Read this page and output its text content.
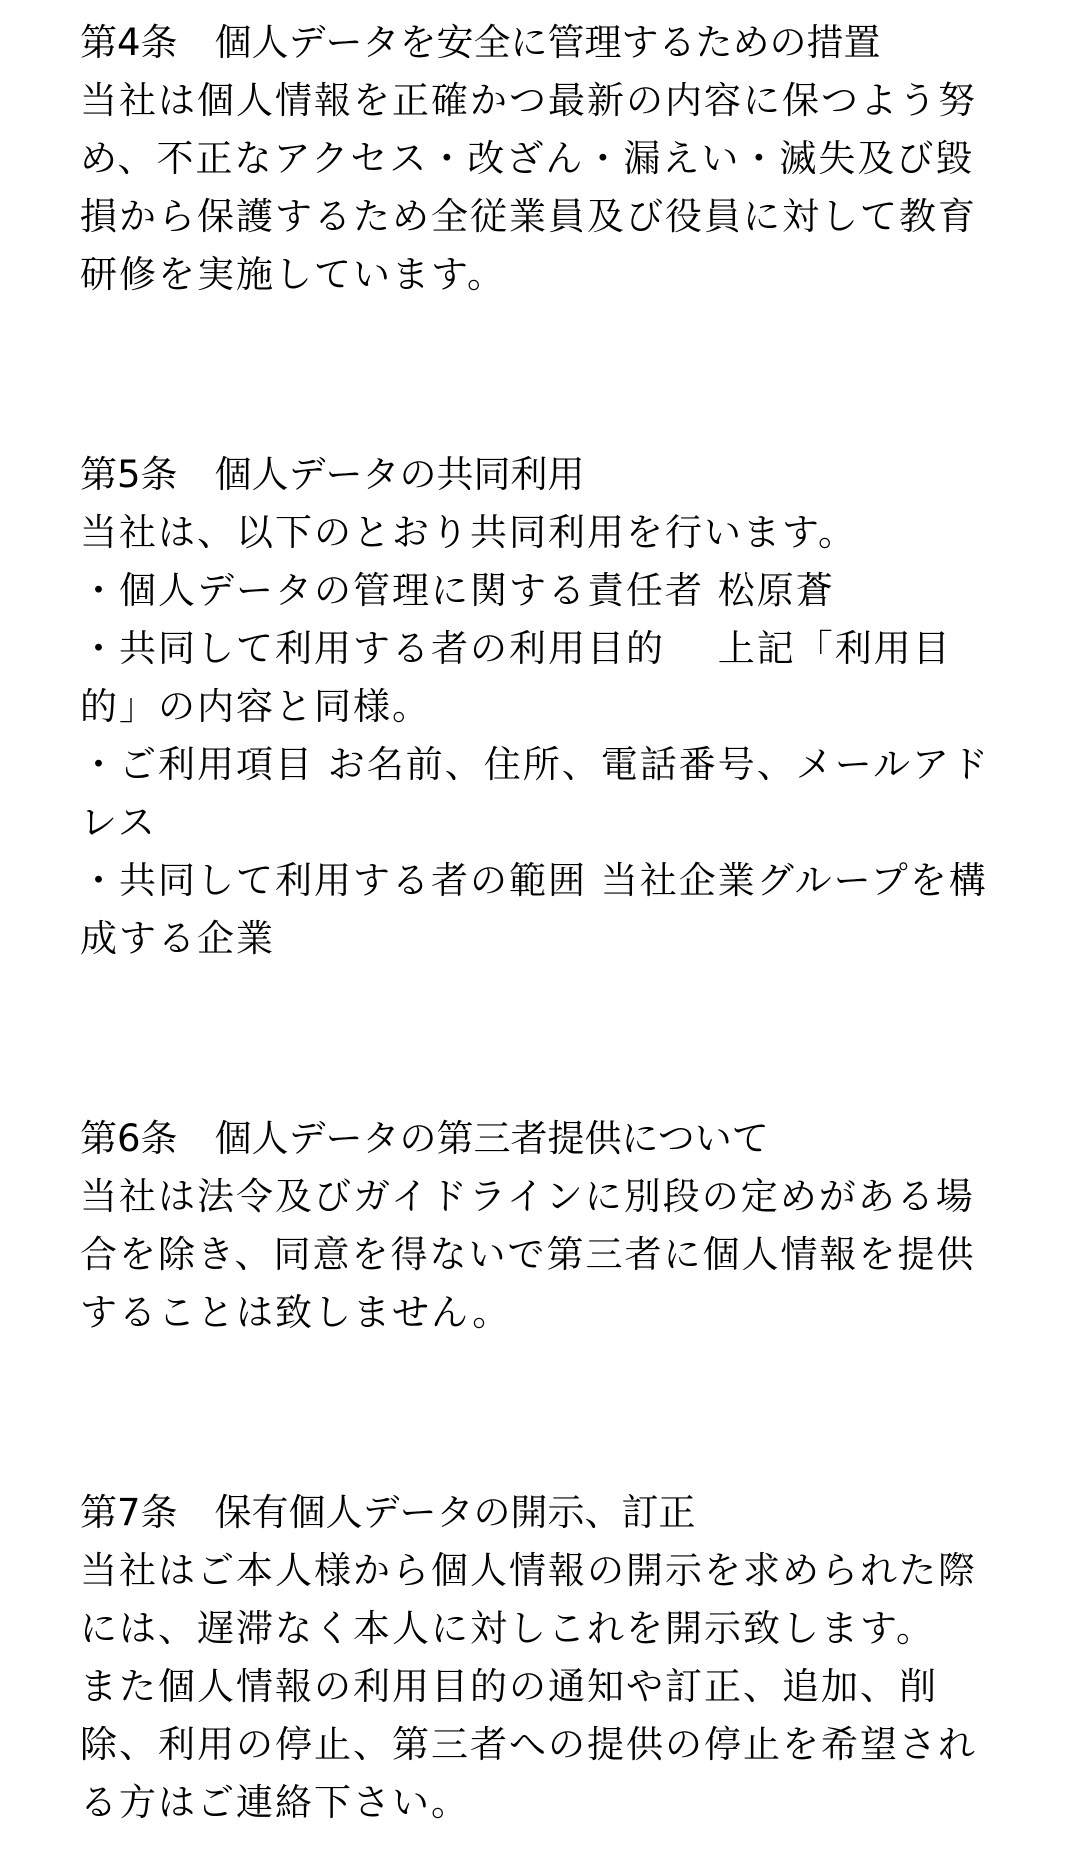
第4条　個人データを安全に管理するための措置

当社は個人情報を正確かつ最新の内容に保つよう努め、不正なアクセス・改ざん・漏えい・滅失及び毀損から保護するため全従業員及び役員に対して教育研修を実施しています。

第5条　個人データの共同利用

当社は、以下のとおり共同利用を行います。

・個人データの管理に関する責任者 松原蒼

・共同して利用する者の利用目的　 上記「利用目的」の内容と同様。

・ご利用項目 お名前、住所、電話番号、メールアドレス

・共同して利用する者の範囲 当社企業グループを構成する企業

第6条　個人データの第三者提供について

当社は法令及びガイドラインに別段の定めがある場合を除き、同意を得ないで第三者に個人情報を提供することは致しません。

第7条　保有個人データの開示、訂正

当社はご本人様から個人情報の開示を求められた際には、遅滞なく本人に対しこれを開示致します。

また個人情報の利用目的の通知や訂正、追加、削除、利用の停止、第三者への提供の停止を希望される方はご連絡下さい。
